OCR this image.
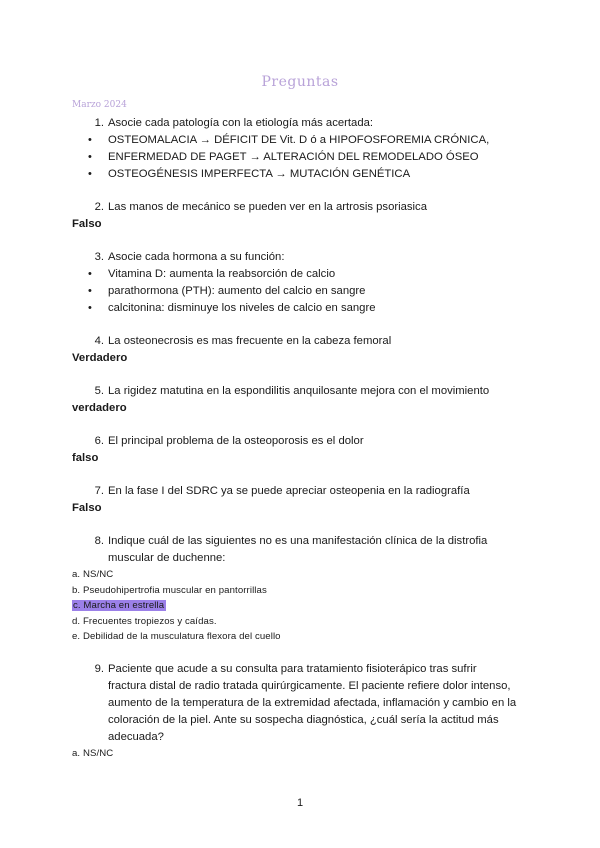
Preguntas
Marzo 2024
1. Asocie cada patología con la etiología más acertada:
• OSTEOMALACIA → DÉFICIT DE Vit. D ó a HIPOFOSFOREMIA CRÓNICA,
• ENFERMEDAD DE PAGET → ALTERACIÓN DEL REMODELADO ÓSEO
• OSTEOGÉNESIS IMPERFECTA → MUTACIÓN GENÉTICA
2. Las manos de mecánico se pueden ver en la artrosis psoriasica
Falso
3. Asocie cada hormona a su función:
• Vitamina D: aumenta la reabsorción de calcio
• parathormona (PTH): aumento del calcio en sangre
• calcitonina: disminuye los niveles de calcio en sangre
4. La osteonecrosis es mas frecuente en la cabeza femoral
Verdadero
5. La rigidez matutina en la espondilitis anquilosante mejora con el movimiento
verdadero
6. El principal problema de la osteoporosis es el dolor
falso
7. En la fase I del SDRC ya se puede apreciar osteopenia en la radiografía
Falso
8. Indique cuál de las siguientes no es una manifestación clínica de la distrofia muscular de duchenne:
a. NS/NC
b. Pseudohipertrofia muscular en pantorrillas
c. Marcha en estrella
d. Frecuentes tropiezos y caídas.
e. Debilidad de la musculatura flexora del cuello
9. Paciente que acude a su consulta para tratamiento fisioterápico tras sufrir fractura distal de radio tratada quirúrgicamente. El paciente refiere dolor intenso, aumento de la temperatura de la extremidad afectada, inflamación y cambio en la coloración de la piel. Ante su sospecha diagnóstica, ¿cuál sería la actitud más adecuada?
a. NS/NC
1
